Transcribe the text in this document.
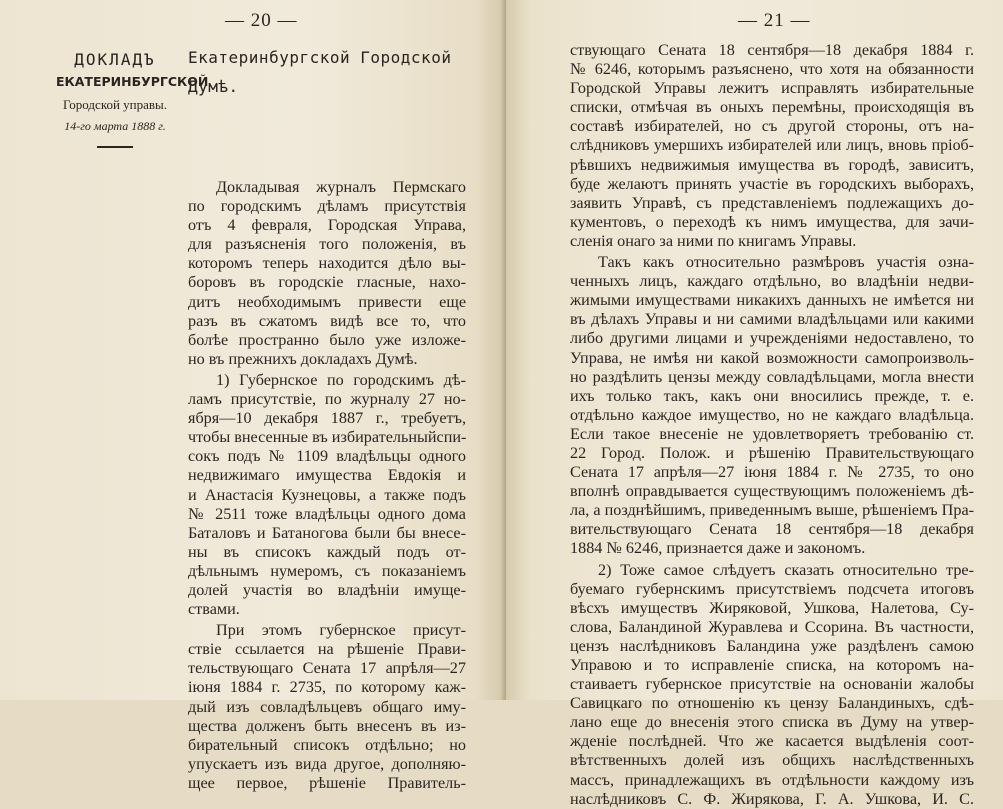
— 20 —
ДОКЛАДЪ
ЕКАТЕРИНБУРГСКОЙ
Городской управы.
14-го марта 1888 г.
Екатеринбургской Городской
Думѣ.
Докладывая журналъ Пермскаго
по городскимъ дѣламъ присутствія
отъ 4 февраля, Городская Управа,
для разъясненія того положенія, въ
которомъ теперь находится дѣло вы-
боровъ въ городскіе гласные, нахо-
дитъ необходимымъ привести еще
разъ въ сжатомъ видѣ все то, что
болѣе пространно было уже изложе-
но въ прежнихъ докладахъ Думѣ.
1) Губернское по городскимъ дѣ-
ламъ присутствіе, по журналу 27 но-
ября—10 декабря 1887 г., требуетъ,
чтобы внесенные въ избирательныйспи-
сокъ подъ № 1109 владѣльцы одного
недвижимаго имущества Евдокія и
и Анастасія Кузнецовы, а также подъ
№ 2511 тоже владѣльцы одного дома
Баталовъ и Батаногова были бы внесе-
ны въ списокъ каждый подъ от-
дѣльнымъ нумеромъ, съ показаніемъ
долей участія во владѣніи имуще-
ствами.
При этомъ губернское присут-
ствіе ссылается на рѣшеніе Прави-
тельствующаго Сената 17 апрѣля—27
іюня 1884 г. 2735, по которому каж-
дый изъ совладѣльцевъ общаго иму-
щества долженъ быть внесенъ въ из-
бирательный списокъ отдѣльно; но
упускаетъ изъ вида другое, дополняю-
щее первое, рѣшеніе Правитель-
— 21 —
ствующаго Сената 18 сентября—18 декабря 1884 г.
№ 6246, которымъ разъяснено, что хотя на обязанности
Городской Управы лежитъ исправлять избирательные
списки, отмѣчая въ оныхъ перемѣны, происходящія въ
составѣ избирателей, но съ другой стороны, отъ на-
слѣдниковъ умершихъ избирателей или лицъ, вновь пріоб-
рѣвшихъ недвижимыя имущества въ городѣ, зависитъ,
буде желаютъ принять участіе въ городскихъ выборахъ,
заявить Управѣ, съ представленіемъ подлежащихъ до-
кументовъ, о переходѣ къ нимъ имущества, для зачи-
сленія онаго за ними по книгамъ Управы.
Такъ какъ относительно размѣровъ участія озна-
ченныхъ лицъ, каждаго отдѣльно, во владѣніи недви-
жимыми имуществами никакихъ данныхъ не имѣется ни
въ дѣлахъ Управы и ни самими владѣльцами или какими
либо другими лицами и учрежденіями недоставлено, то
Управа, не имѣя ни какой возможности самопроизволь-
но раздѣлить цензы между совладѣльцами, могла внести
ихъ только такъ, какъ они вносились прежде, т. е.
отдѣльно каждое имущество, но не каждаго владѣльца.
Если такое внесеніе не удовлетворяетъ требованію ст.
22 Город. Полож. и рѣшенію Правительствующаго
Сената 17 апрѣля—27 іюня 1884 г. № 2735, то оно
вполнѣ оправдывается существующимъ положеніемъ дѣ-
ла, а позднѣйшимъ, приведеннымъ выше, рѣшеніемъ Пра-
вительствующаго Сената 18 сентября—18 декабря
1884 № 6246, признается даже и закономъ.
2) Тоже самое слѣдуетъ сказать относительно тре-
буемаго губернскимъ присутствіемъ подсчета итоговъ
вѣсхъ имуществъ Жиряковой, Ушкова, Налетова, Су-
слова, Баландиной Журавлева и Ссорина. Въ частности,
цензъ наслѣдниковъ Баландина уже раздѣленъ самою
Управою и то исправленіе списка, на которомъ на-
стаиваетъ губернское присутствіе на основаніи жалобы
Савицкаго по отношенію къ цензу Баландиныхъ, сдѣ-
лано еще до внесенія этого списка въ Думу на утвер-
жденіе послѣдней. Что же касается выдѣленія соот-
вѣтственныхъ долей изъ общихъ наслѣдственныхъ
массъ, принадлежащихъ въ отдѣльности каждому изъ
наслѣдниковъ С. Ф. Жирякова, Г. А. Ушкова, И. С.
